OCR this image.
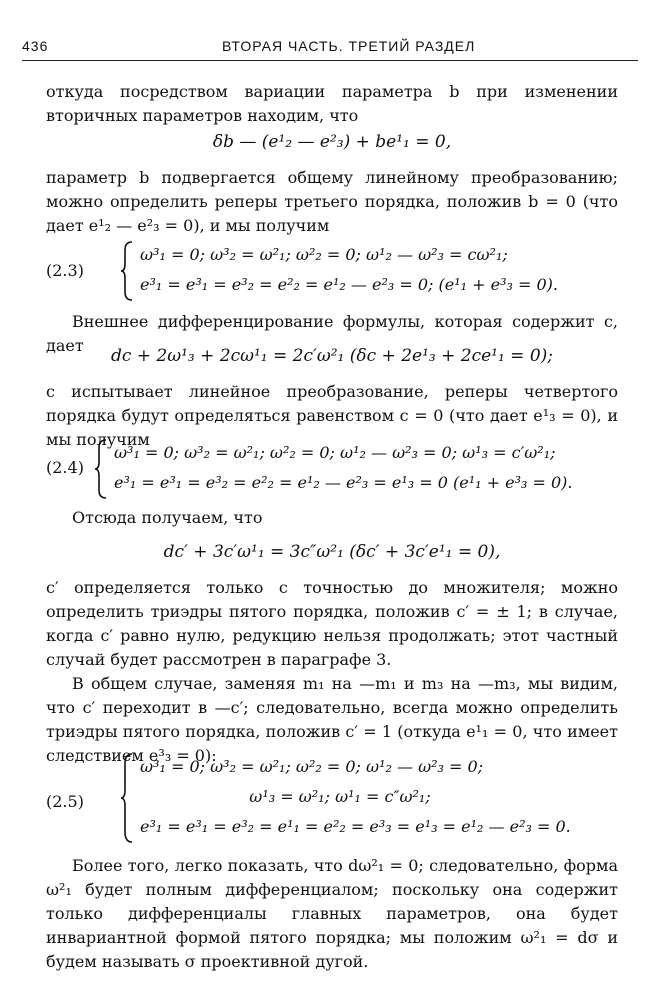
436	ВТОРАЯ ЧАСТЬ. ТРЕТИЙ РАЗДЕЛ

откуда посредством вариации параметра b при изменении вторичных параметров находим, что

δb — (e¹₂ — e²₃) + be¹₁ = 0,

параметр b подвергается общему линейному преобразованию; можно определить реперы третьего порядка, положив b = 0 (что дает e¹₂ — e²₃ = 0), и мы получим

(2.3)
ω³₁ = 0; ω³₂ = ω²₁; ω²₂ = 0; ω¹₂ — ω²₃ = cω²₁;
e³₁ = e³₁ = e³₂ = e²₂ = e¹₂ — e²₃ = 0; (e¹₁ + e³₃ = 0).

Внешнее дифференцирование формулы, которая содержит c, дает

dc + 2ω¹₃ + 2cω¹₁ = 2c′ω²₁ (δc + 2e¹₃ + 2ce¹₁ = 0);

c испытывает линейное преобразование, реперы четвертого порядка будут определяться равенством c = 0 (что дает e¹₃ = 0), и мы получим

(2.4)
ω³₁ = 0; ω³₂ = ω²₁; ω²₂ = 0; ω¹₂ — ω²₃ = 0; ω¹₃ = c′ω²₁;
e³₁ = e³₁ = e³₂ = e²₂ = e¹₂ — e²₃ = e¹₃ = 0 (e¹₁ + e³₃ = 0).

Отсюда получаем, что

dc′ + 3c′ω¹₁ = 3c″ω²₁ (δc′ + 3c′e¹₁ = 0),

c′ определяется только с точностью до множителя; можно определить триэдры пятого порядка, положив c′ = ± 1; в случае, когда c′ равно нулю, редукцию нельзя продолжать; этот частный случай будет рассмотрен в параграфе 3.

В общем случае, заменяя m₁ на —m₁ и m₃ на —m₃, мы видим, что c′ переходит в —c′; следовательно, всегда можно определить триэдры пятого порядка, положив c′ = 1 (откуда e¹₁ = 0, что имеет следствием e³₃ = 0):

(2.5)
ω³₁ = 0; ω³₂ = ω²₁; ω²₂ = 0; ω¹₂ — ω²₃ = 0;
ω¹₃ = ω²₁; ω¹₁ = c″ω²₁;
e³₁ = e³₁ = e³₂ = e¹₁ = e²₂ = e³₃ = e¹₃ = e¹₂ — e²₃ = 0.

Более того, легко показать, что dω²₁ = 0; следовательно, форма ω²₁ будет полным дифференциалом; поскольку она содержит только дифференциалы главных параметров, она будет инвариантной формой пятого порядка; мы положим ω²₁ = dσ и будем называть σ проективной дугой.
